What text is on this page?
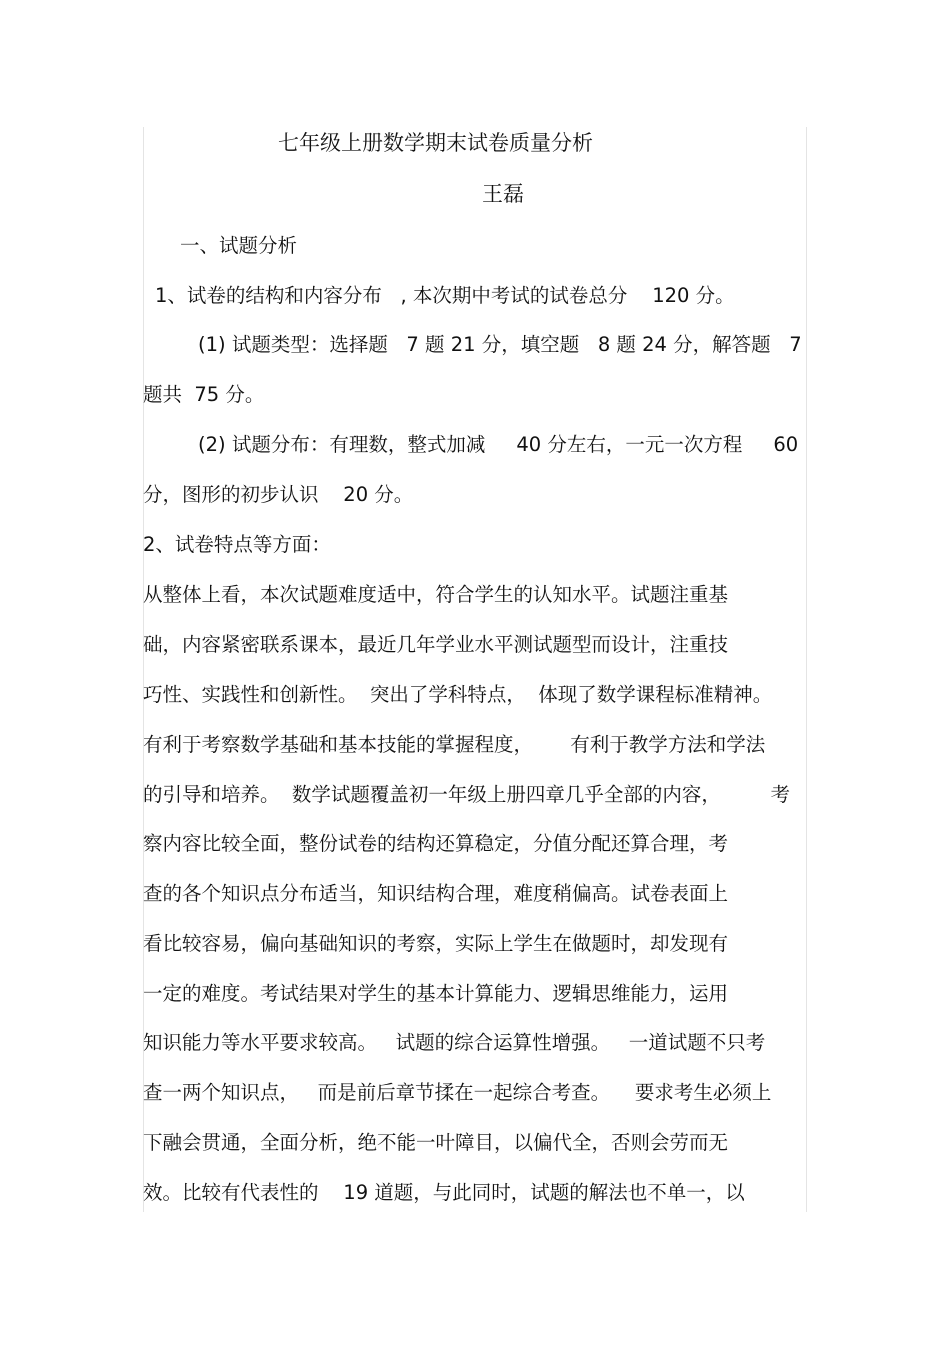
七年级上册数学期末试卷质量分析
王磊
一、试题分析
1、试卷的结构和内容分布   , 本次期中考试的试卷总分    120 分。
(1) 试题类型：选择题   7 题 21 分，填空题   8 题 24 分，解答题   7
题共  75 分。
(2) 试题分布：有理数，整式加减     40 分左右，一元一次方程     60
分，图形的初步认识    20 分。
2、试卷特点等方面：
从整体上看，本次试题难度适中，符合学生的认知水平。试题注重基
础，内容紧密联系课本，最近几年学业水平测试题型而设计，注重技
巧性、实践性和创新性。  突出了学科特点，  体现了数学课程标准精神。
有利于考察数学基础和基本技能的掌握程度，      有利于教学方法和学法
的引导和培养。  数学试题覆盖初一年级上册四章几乎全部的内容，        考
察内容比较全面，整份试卷的结构还算稳定，分值分配还算合理，考
查的各个知识点分布适当，知识结构合理，难度稍偏高。试卷表面上
看比较容易，偏向基础知识的考察，实际上学生在做题时，却发现有
一定的难度。考试结果对学生的基本计算能力、逻辑思维能力，运用
知识能力等水平要求较高。   试题的综合运算性增强。   一道试题不只考
查一两个知识点，   而是前后章节揉在一起综合考查。    要求考生必须上
下融会贯通，全面分析，绝不能一叶障目，以偏代全，否则会劳而无
效。比较有代表性的    19 道题，与此同时，试题的解法也不单一，以
